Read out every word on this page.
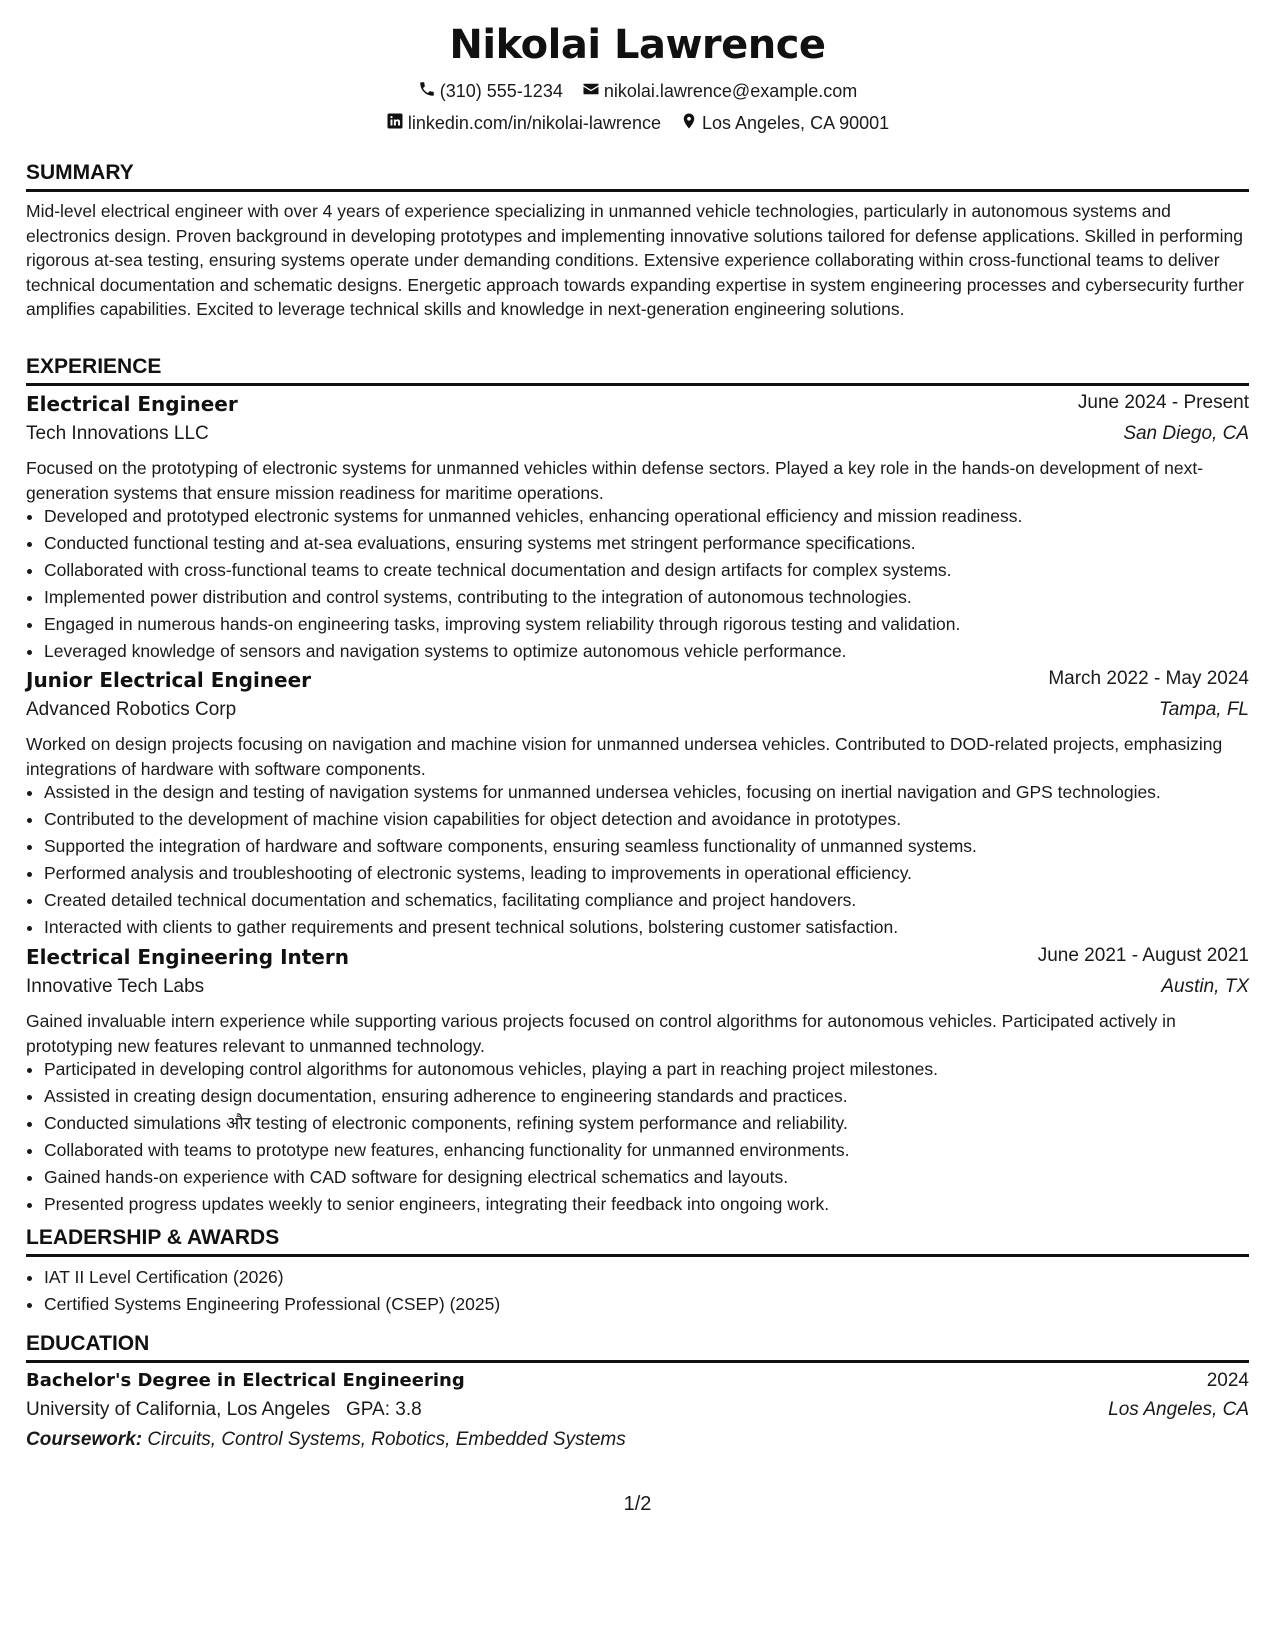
Nikolai Lawrence
(310) 555-1234
nikolai.lawrence@example.com
linkedin.com/in/nikolai-lawrence
Los Angeles, CA 90001
SUMMARY
Mid-level electrical engineer with over 4 years of experience specializing in unmanned vehicle technologies, particularly in autonomous systems and electronics design. Proven background in developing prototypes and implementing innovative solutions tailored for defense applications. Skilled in performing rigorous at-sea testing, ensuring systems operate under demanding conditions. Extensive experience collaborating within cross-functional teams to deliver technical documentation and schematic designs. Energetic approach towards expanding expertise in system engineering processes and cybersecurity further amplifies capabilities. Excited to leverage technical skills and knowledge in next-generation engineering solutions.
EXPERIENCE
Electrical Engineer	June 2024 - Present
Tech Innovations LLC	San Diego, CA
Focused on the prototyping of electronic systems for unmanned vehicles within defense sectors. Played a key role in the hands-on development of next-generation systems that ensure mission readiness for maritime operations.
• Developed and prototyped electronic systems for unmanned vehicles, enhancing operational efficiency and mission readiness.
• Conducted functional testing and at-sea evaluations, ensuring systems met stringent performance specifications.
• Collaborated with cross-functional teams to create technical documentation and design artifacts for complex systems.
• Implemented power distribution and control systems, contributing to the integration of autonomous technologies.
• Engaged in numerous hands-on engineering tasks, improving system reliability through rigorous testing and validation.
• Leveraged knowledge of sensors and navigation systems to optimize autonomous vehicle performance.
Junior Electrical Engineer	March 2022 - May 2024
Advanced Robotics Corp	Tampa, FL
Worked on design projects focusing on navigation and machine vision for unmanned undersea vehicles. Contributed to DOD-related projects, emphasizing integrations of hardware with software components.
• Assisted in the design and testing of navigation systems for unmanned undersea vehicles, focusing on inertial navigation and GPS technologies.
• Contributed to the development of machine vision capabilities for object detection and avoidance in prototypes.
• Supported the integration of hardware and software components, ensuring seamless functionality of unmanned systems.
• Performed analysis and troubleshooting of electronic systems, leading to improvements in operational efficiency.
• Created detailed technical documentation and schematics, facilitating compliance and project handovers.
• Interacted with clients to gather requirements and present technical solutions, bolstering customer satisfaction.
Electrical Engineering Intern	June 2021 - August 2021
Innovative Tech Labs	Austin, TX
Gained invaluable intern experience while supporting various projects focused on control algorithms for autonomous vehicles. Participated actively in prototyping new features relevant to unmanned technology.
• Participated in developing control algorithms for autonomous vehicles, playing a part in reaching project milestones.
• Assisted in creating design documentation, ensuring adherence to engineering standards and practices.
• Conducted simulations और testing of electronic components, refining system performance and reliability.
• Collaborated with teams to prototype new features, enhancing functionality for unmanned environments.
• Gained hands-on experience with CAD software for designing electrical schematics and layouts.
• Presented progress updates weekly to senior engineers, integrating their feedback into ongoing work.
LEADERSHIP & AWARDS
• IAT II Level Certification (2026)
• Certified Systems Engineering Professional (CSEP) (2025)
EDUCATION
Bachelor's Degree in Electrical Engineering	2024
University of California, Los Angeles GPA: 3.8	Los Angeles, CA
Coursework: Circuits, Control Systems, Robotics, Embedded Systems
1/2
